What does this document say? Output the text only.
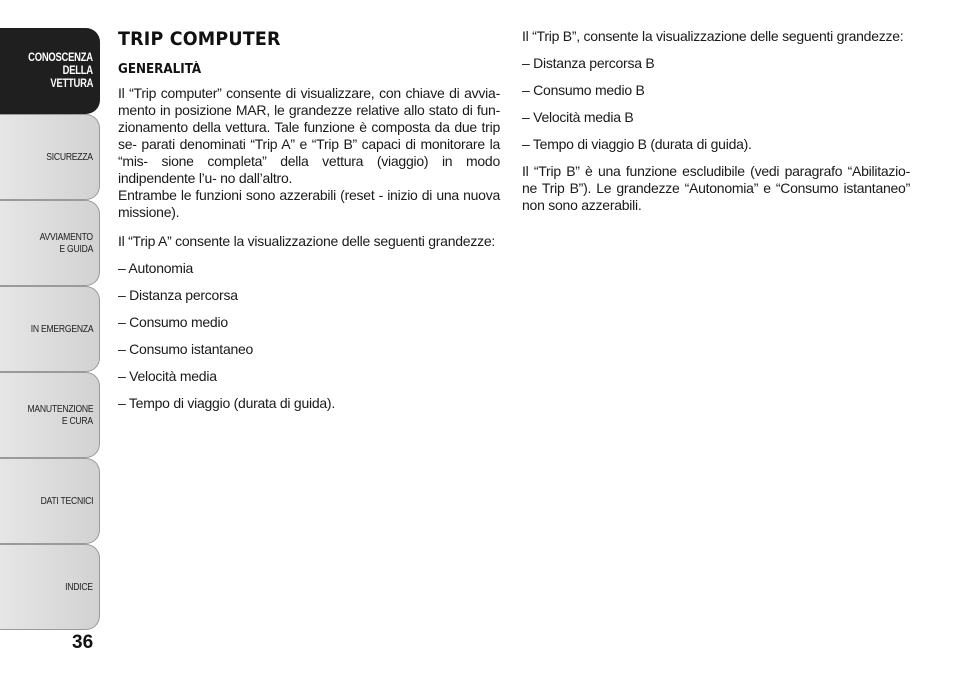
CONOSCENZA
DELLA
VETTURA
SICUREZZA
AVVIAMENTO
E GUIDA
IN EMERGENZA
MANUTENZIONE
E CURA
DATI TECNICI
INDICE
36
TRIP COMPUTER
GENERALITÀ

Il “Trip computer” consente di visualizzare, con chiave di avvia- mento in posizione MAR, le grandezze relative allo stato di fun- zionamento della vettura. Tale funzione è composta da due trip se- parati denominati “Trip A” e “Trip B” capaci di monitorare la “mis- sione completa” della vettura (viaggio) in modo indipendente l’u- no dall’altro.

Entrambe le funzioni sono azzerabili (reset - inizio di una nuova missione).

Il “Trip A” consente la visualizzazione delle seguenti grandezze:

– Autonomia
– Distanza percorsa
– Consumo medio
– Consumo istantaneo
– Velocità media
– Tempo di viaggio (durata di guida).

Il “Trip B”, consente la visualizzazione delle seguenti grandezze:

– Distanza percorsa B
– Consumo medio B
– Velocità media B
– Tempo di viaggio B (durata di guida).

Il “Trip B” è una funzione escludibile (vedi paragrafo “Abilitazio- ne Trip B”). Le grandezze “Autonomia” e “Consumo istantaneo” non sono azzerabili.
